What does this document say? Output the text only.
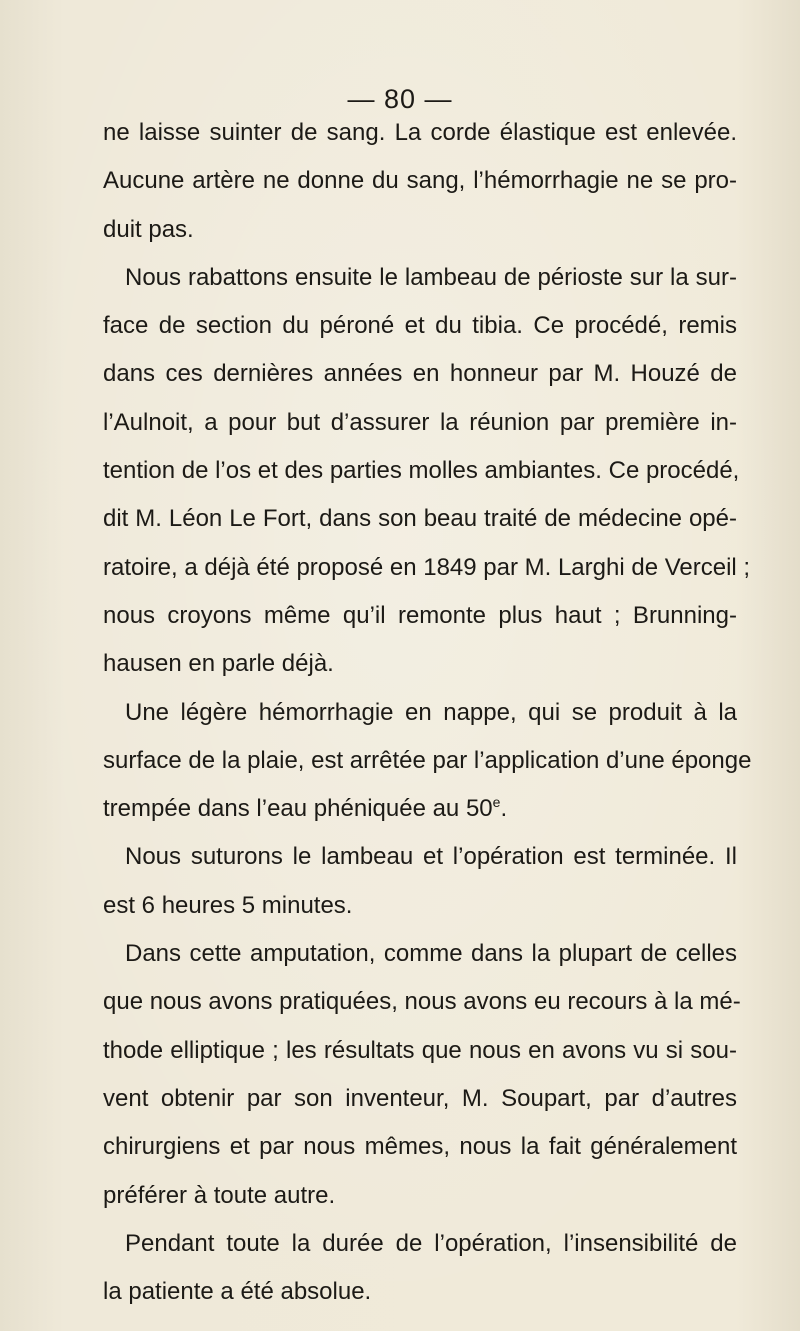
— 80 —
ne laisse suinter de sang. La corde élastique est enlevée.
Aucune artère ne donne du sang, l’hémorrhagie ne se pro-
duit pas.
Nous rabattons ensuite le lambeau de périoste sur la sur-
face de section du péroné et du tibia. Ce procédé, remis
dans ces dernières années en honneur par M. Houzé de
l’Aulnoit, a pour but d’assurer la réunion par première in-
tention de l’os et des parties molles ambiantes. Ce procédé,
dit M. Léon Le Fort, dans son beau traité de médecine opé-
ratoire, a déjà été proposé en 1849 par M. Larghi de Verceil ;
nous croyons même qu’il remonte plus haut ; Brunning-
hausen en parle déjà.
Une légère hémorrhagie en nappe, qui se produit à la
surface de la plaie, est arrêtée par l’application d’une éponge
trempée dans l’eau phéniquée au 50e.
Nous suturons le lambeau et l’opération est terminée. Il
est 6 heures 5 minutes.
Dans cette amputation, comme dans la plupart de celles
que nous avons pratiquées, nous avons eu recours à la mé-
thode elliptique ; les résultats que nous en avons vu si sou-
vent obtenir par son inventeur, M. Soupart, par d’autres
chirurgiens et par nous mêmes, nous la fait généralement
préférer à toute autre.
Pendant toute la durée de l’opération, l’insensibilité de
la patiente a été absolue.
